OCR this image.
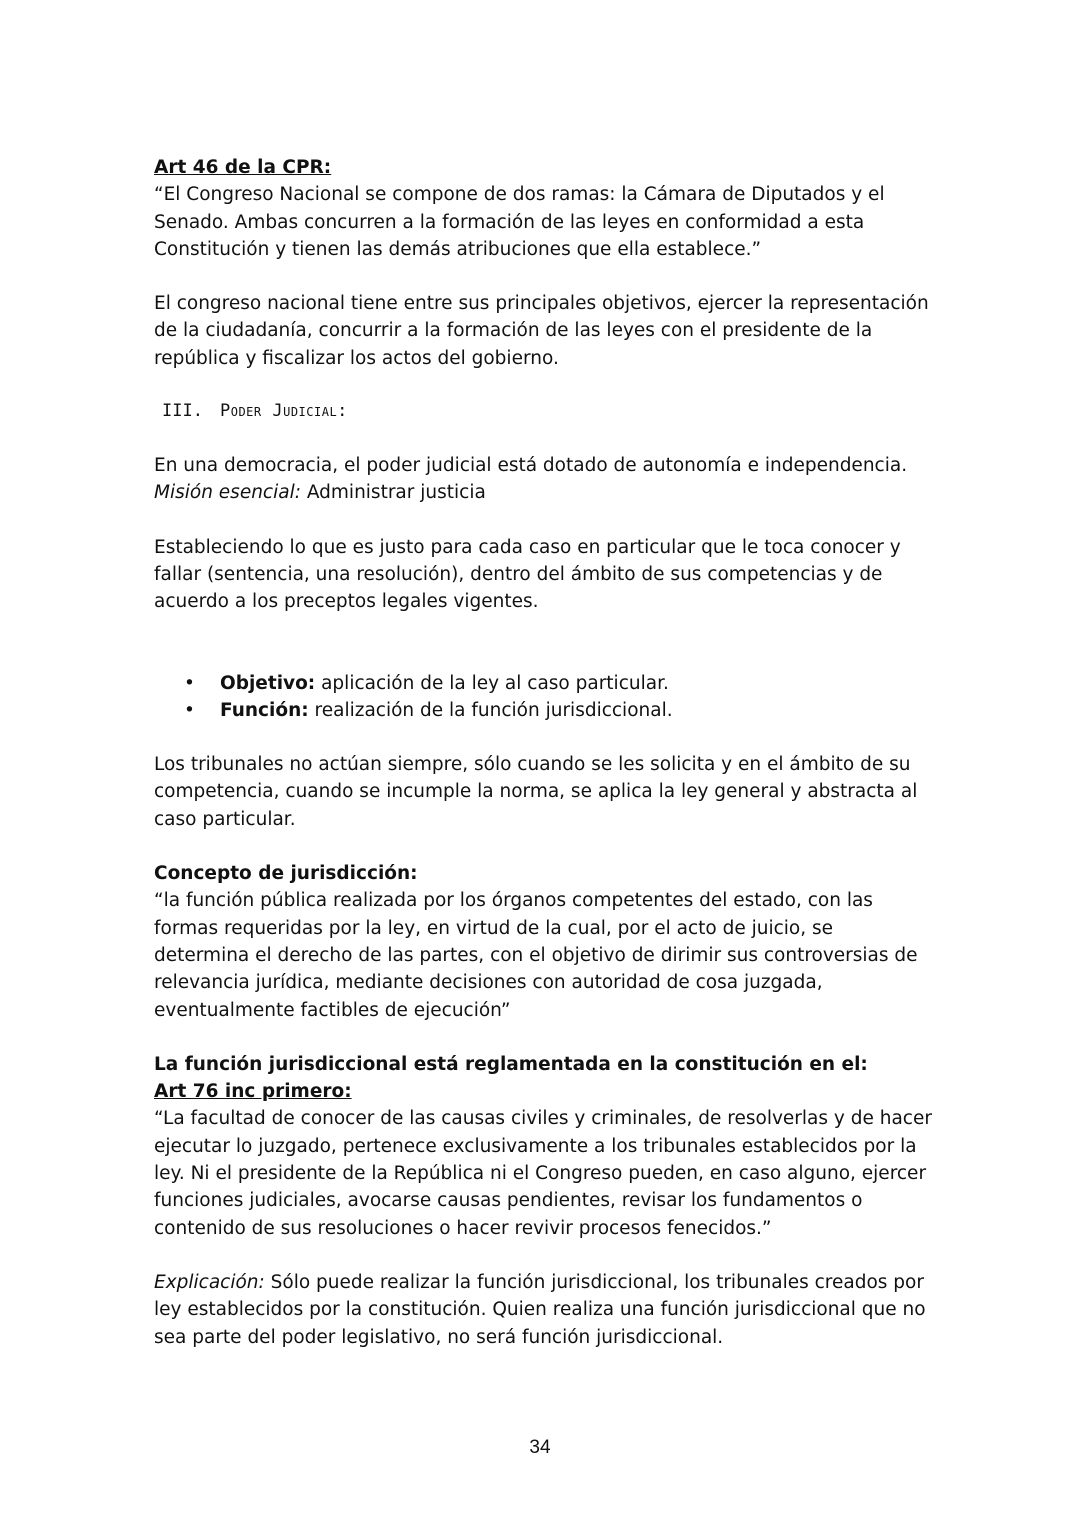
Art 46 de la CPR:

“El Congreso Nacional se compone de dos ramas: la Cámara de Diputados y el Senado. Ambas concurren a la formación de las leyes en conformidad a esta Constitución y tienen las demás atribuciones que ella establece.”

El congreso nacional tiene entre sus principales objetivos, ejercer la representación de la ciudadanía, concurrir a la formación de las leyes con el presidente de la república y fiscalizar los actos del gobierno.

III.	Poder Judicial:

En una democracia, el poder judicial está dotado de autonomía e independencia.

Misión esencial: Administrar justicia

Estableciendo lo que es justo para cada caso en particular que le toca conocer y fallar (sentencia, una resolución), dentro del ámbito de sus competencias y de acuerdo a los preceptos legales vigentes.

• Objetivo: aplicación de la ley al caso particular.
• Función: realización de la función jurisdiccional.

Los tribunales no actúan siempre, sólo cuando se les solicita y en el ámbito de su competencia, cuando se incumple la norma, se aplica la ley general y abstracta al caso particular.

Concepto de jurisdicción:

“la función pública realizada por los órganos competentes del estado, con las formas requeridas por la ley, en virtud de la cual, por el acto de juicio, se determina el derecho de las partes, con el objetivo de dirimir sus controversias de relevancia jurídica, mediante decisiones con autoridad de cosa juzgada, eventualmente factibles de ejecución”

La función jurisdiccional está reglamentada en la constitución en el:

Art 76 inc primero:

“La facultad de conocer de las causas civiles y criminales, de resolverlas y de hacer ejecutar lo juzgado, pertenece exclusivamente a los tribunales establecidos por la ley. Ni el presidente de la República ni el Congreso pueden, en caso alguno, ejercer funciones judiciales, avocarse causas pendientes, revisar los fundamentos o contenido de sus resoluciones o hacer revivir procesos fenecidos.”

Explicación: Sólo puede realizar la función jurisdiccional, los tribunales creados por ley establecidos por la constitución. Quien realiza una función jurisdiccional que no sea parte del poder legislativo, no será función jurisdiccional.

34
